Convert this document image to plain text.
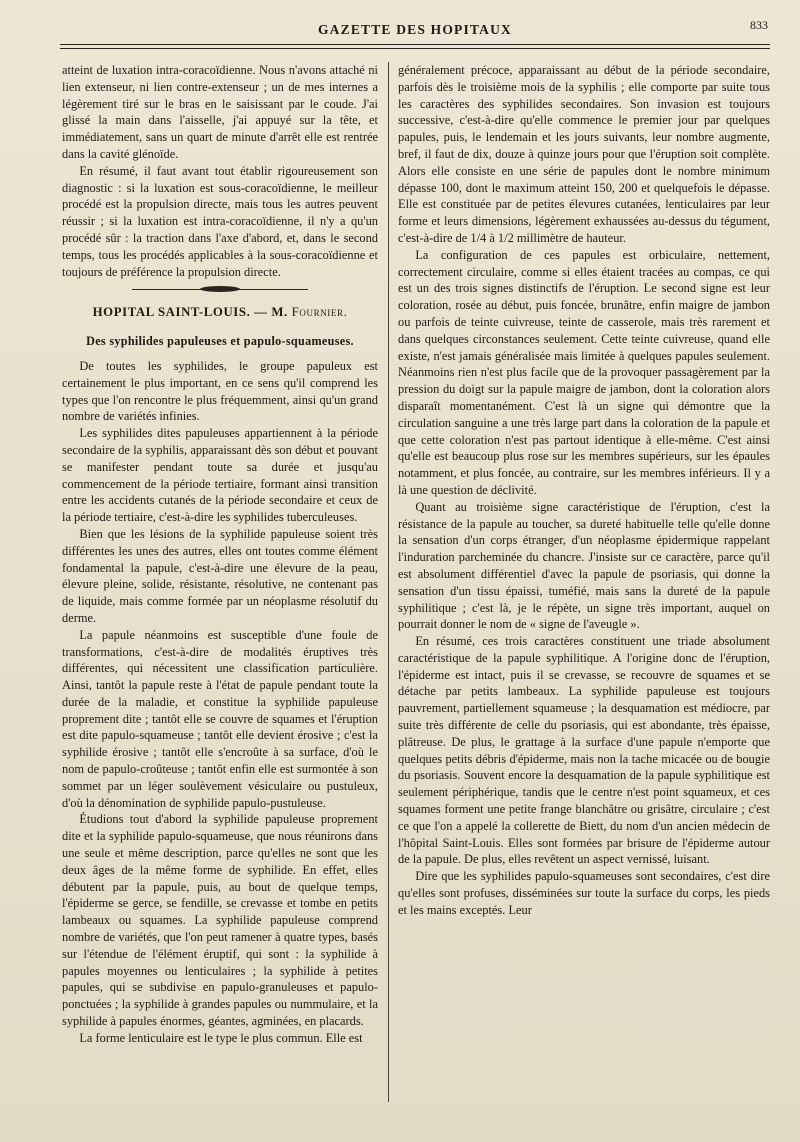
GAZETTE DES HOPITAUX	833

atteint de luxation intra-coracoïdienne. Nous n'avons attaché ni lien extenseur, ni lien contre-extenseur ; un de mes internes a légèrement tiré sur le bras en le saisissant par le coude. J'ai glissé la main dans l'aisselle, j'ai appuyé sur la tête, et immédiatement, sans un quart de minute d'arrêt elle est rentrée dans la cavité glénoïde.

En résumé, il faut avant tout établir rigoureusement son diagnostic : si la luxation est sous-coracoïdienne, le meilleur procédé est la propulsion directe, mais tous les autres peuvent réussir ; si la luxation est intra-coracoïdienne, il n'y a qu'un procédé sûr : la traction dans l'axe d'abord, et, dans le second temps, tous les procédés applicables à la sous-coracoïdienne et toujours de préférence la propulsion directe.

HOPITAL SAINT-LOUIS. — M. Fournier.
Des syphilides papuleuses et papulo-squameuses.

De toutes les syphilides, le groupe papuleux est certainement le plus important, en ce sens qu'il comprend les types que l'on rencontre le plus fréquemment, ainsi qu'un grand nombre de variétés infinies.

Les syphilides dites papuleuses appartiennent à la période secondaire de la syphilis, apparaissant dès son début et pouvant se manifester pendant toute sa durée et jusqu'au commencement de la période tertiaire, formant ainsi transition entre les accidents cutanés de la période secondaire et ceux de la période tertiaire, c'est-à-dire les syphilides tuberculeuses.

Bien que les lésions de la syphilide papuleuse soient très différentes les unes des autres, elles ont toutes comme élément fondamental la papule, c'est-à-dire une élevure de la peau, élevure pleine, solide, résistante, résolutive, ne contenant pas de liquide, mais comme formée par un néoplasme résolutif du derme.

La papule néanmoins est susceptible d'une foule de transformations, c'est-à-dire de modalités éruptives très différentes, qui nécessitent une classification particulière. Ainsi, tantôt la papule reste à l'état de papule pendant toute la durée de la maladie, et constitue la syphilide papuleuse proprement dite ; tantôt elle se couvre de squames et l'éruption est dite papulo-squameuse ; tantôt elle devient érosive ; c'est la syphilide érosive ; tantôt elle s'encroûte à sa surface, d'où le nom de papulo-croûteuse ; tantôt enfin elle est surmontée à son sommet par un léger soulèvement vésiculaire ou pustuleux, d'où la dénomination de syphilide papulo-pustuleuse.

Étudions tout d'abord la syphilide papuleuse proprement dite et la syphilide papulo-squameuse, que nous réunirons dans une seule et même description, parce qu'elles ne sont que les deux âges de la même forme de syphilide. En effet, elles débutent par la papule, puis, au bout de quelque temps, l'épiderme se gerce, se fendille, se crevasse et tombe en petits lambeaux ou squames. La syphilide papuleuse comprend nombre de variétés, que l'on peut ramener à quatre types, basés sur l'étendue de l'élément éruptif, qui sont : la syphilide à papules moyennes ou lenticulaires ; la syphilide à petites papules, qui se subdivise en papulo-granuleuses et papulo-ponctuées ; la syphilide à grandes papules ou nummulaire, et la syphilide à papules énormes, géantes, agminées, en placards.

La forme lenticulaire est le type le plus commun. Elle est

généralement précoce, apparaissant au début de la période secondaire, parfois dès le troisième mois de la syphilis ; elle comporte par suite tous les caractères des syphilides secondaires. Son invasion est toujours successive, c'est-à-dire qu'elle commence le premier jour par quelques papules, puis, le lendemain et les jours suivants, leur nombre augmente, bref, il faut de dix, douze à quinze jours pour que l'éruption soit complète. Alors elle consiste en une série de papules dont le nombre minimum dépasse 100, dont le maximum atteint 150, 200 et quelquefois le dépasse. Elle est constituée par de petites élevures cutanées, lenticulaires par leur forme et leurs dimensions, légèrement exhaussées au-dessus du tégument, c'est-à-dire de 1/4 à 1/2 millimètre de hauteur.

La configuration de ces papules est orbiculaire, nettement, correctement circulaire, comme si elles étaient tracées au compas, ce qui est un des trois signes distinctifs de l'éruption. Le second signe est leur coloration, rosée au début, puis foncée, brunâtre, enfin maigre de jambon ou parfois de teinte cuivreuse, teinte de casserole, mais très rarement et dans quelques circonstances seulement. Cette teinte cuivreuse, quand elle existe, n'est jamais généralisée mais limitée à quelques papules seulement. Néanmoins rien n'est plus facile que de la provoquer passagèrement par la pression du doigt sur la papule maigre de jambon, dont la coloration alors disparaît momentanément. C'est là un signe qui démontre que la circulation sanguine a une très large part dans la coloration de la papule et que cette coloration n'est pas partout identique à elle-même. C'est ainsi qu'elle est beaucoup plus rose sur les membres supérieurs, sur les épaules notamment, et plus foncée, au contraire, sur les membres inférieurs. Il y a là une question de déclivité.

Quant au troisième signe caractéristique de l'éruption, c'est la résistance de la papule au toucher, sa dureté habituelle telle qu'elle donne la sensation d'un corps étranger, d'un néoplasme épidermique rappelant l'induration parcheminée du chancre. J'insiste sur ce caractère, parce qu'il est absolument différentiel d'avec la papule de psoriasis, qui donne la sensation d'un tissu épaissi, tuméfié, mais sans la dureté de la papule syphilitique ; c'est là, je le répète, un signe très important, auquel on pourrait donner le nom de « signe de l'aveugle ».

En résumé, ces trois caractères constituent une triade absolument caractéristique de la papule syphilitique. A l'origine donc de l'éruption, l'épiderme est intact, puis il se crevasse, se recouvre de squames et se détache par petits lambeaux. La syphilide papuleuse est toujours pauvrement, partiellement squameuse ; la desquamation est médiocre, par suite très différente de celle du psoriasis, qui est abondante, très épaisse, plâtreuse. De plus, le grattage à la surface d'une papule n'emporte que quelques petits débris d'épiderme, mais non la tache micacée ou de bougie du psoriasis. Souvent encore la desquamation de la papule syphilitique est seulement périphérique, tandis que le centre n'est point squameux, et ces squames forment une petite frange blanchâtre ou grisâtre, circulaire ; c'est ce que l'on a appelé la collerette de Biett, du nom d'un ancien médecin de l'hôpital Saint-Louis. Elles sont formées par brisure de l'épiderme autour de la papule. De plus, elles revêtent un aspect vernissé, luisant.

Dire que les syphilides papulo-squameuses sont secondaires, c'est dire qu'elles sont profuses, disséminées sur toute la surface du corps, les pieds et les mains exceptés. Leur
